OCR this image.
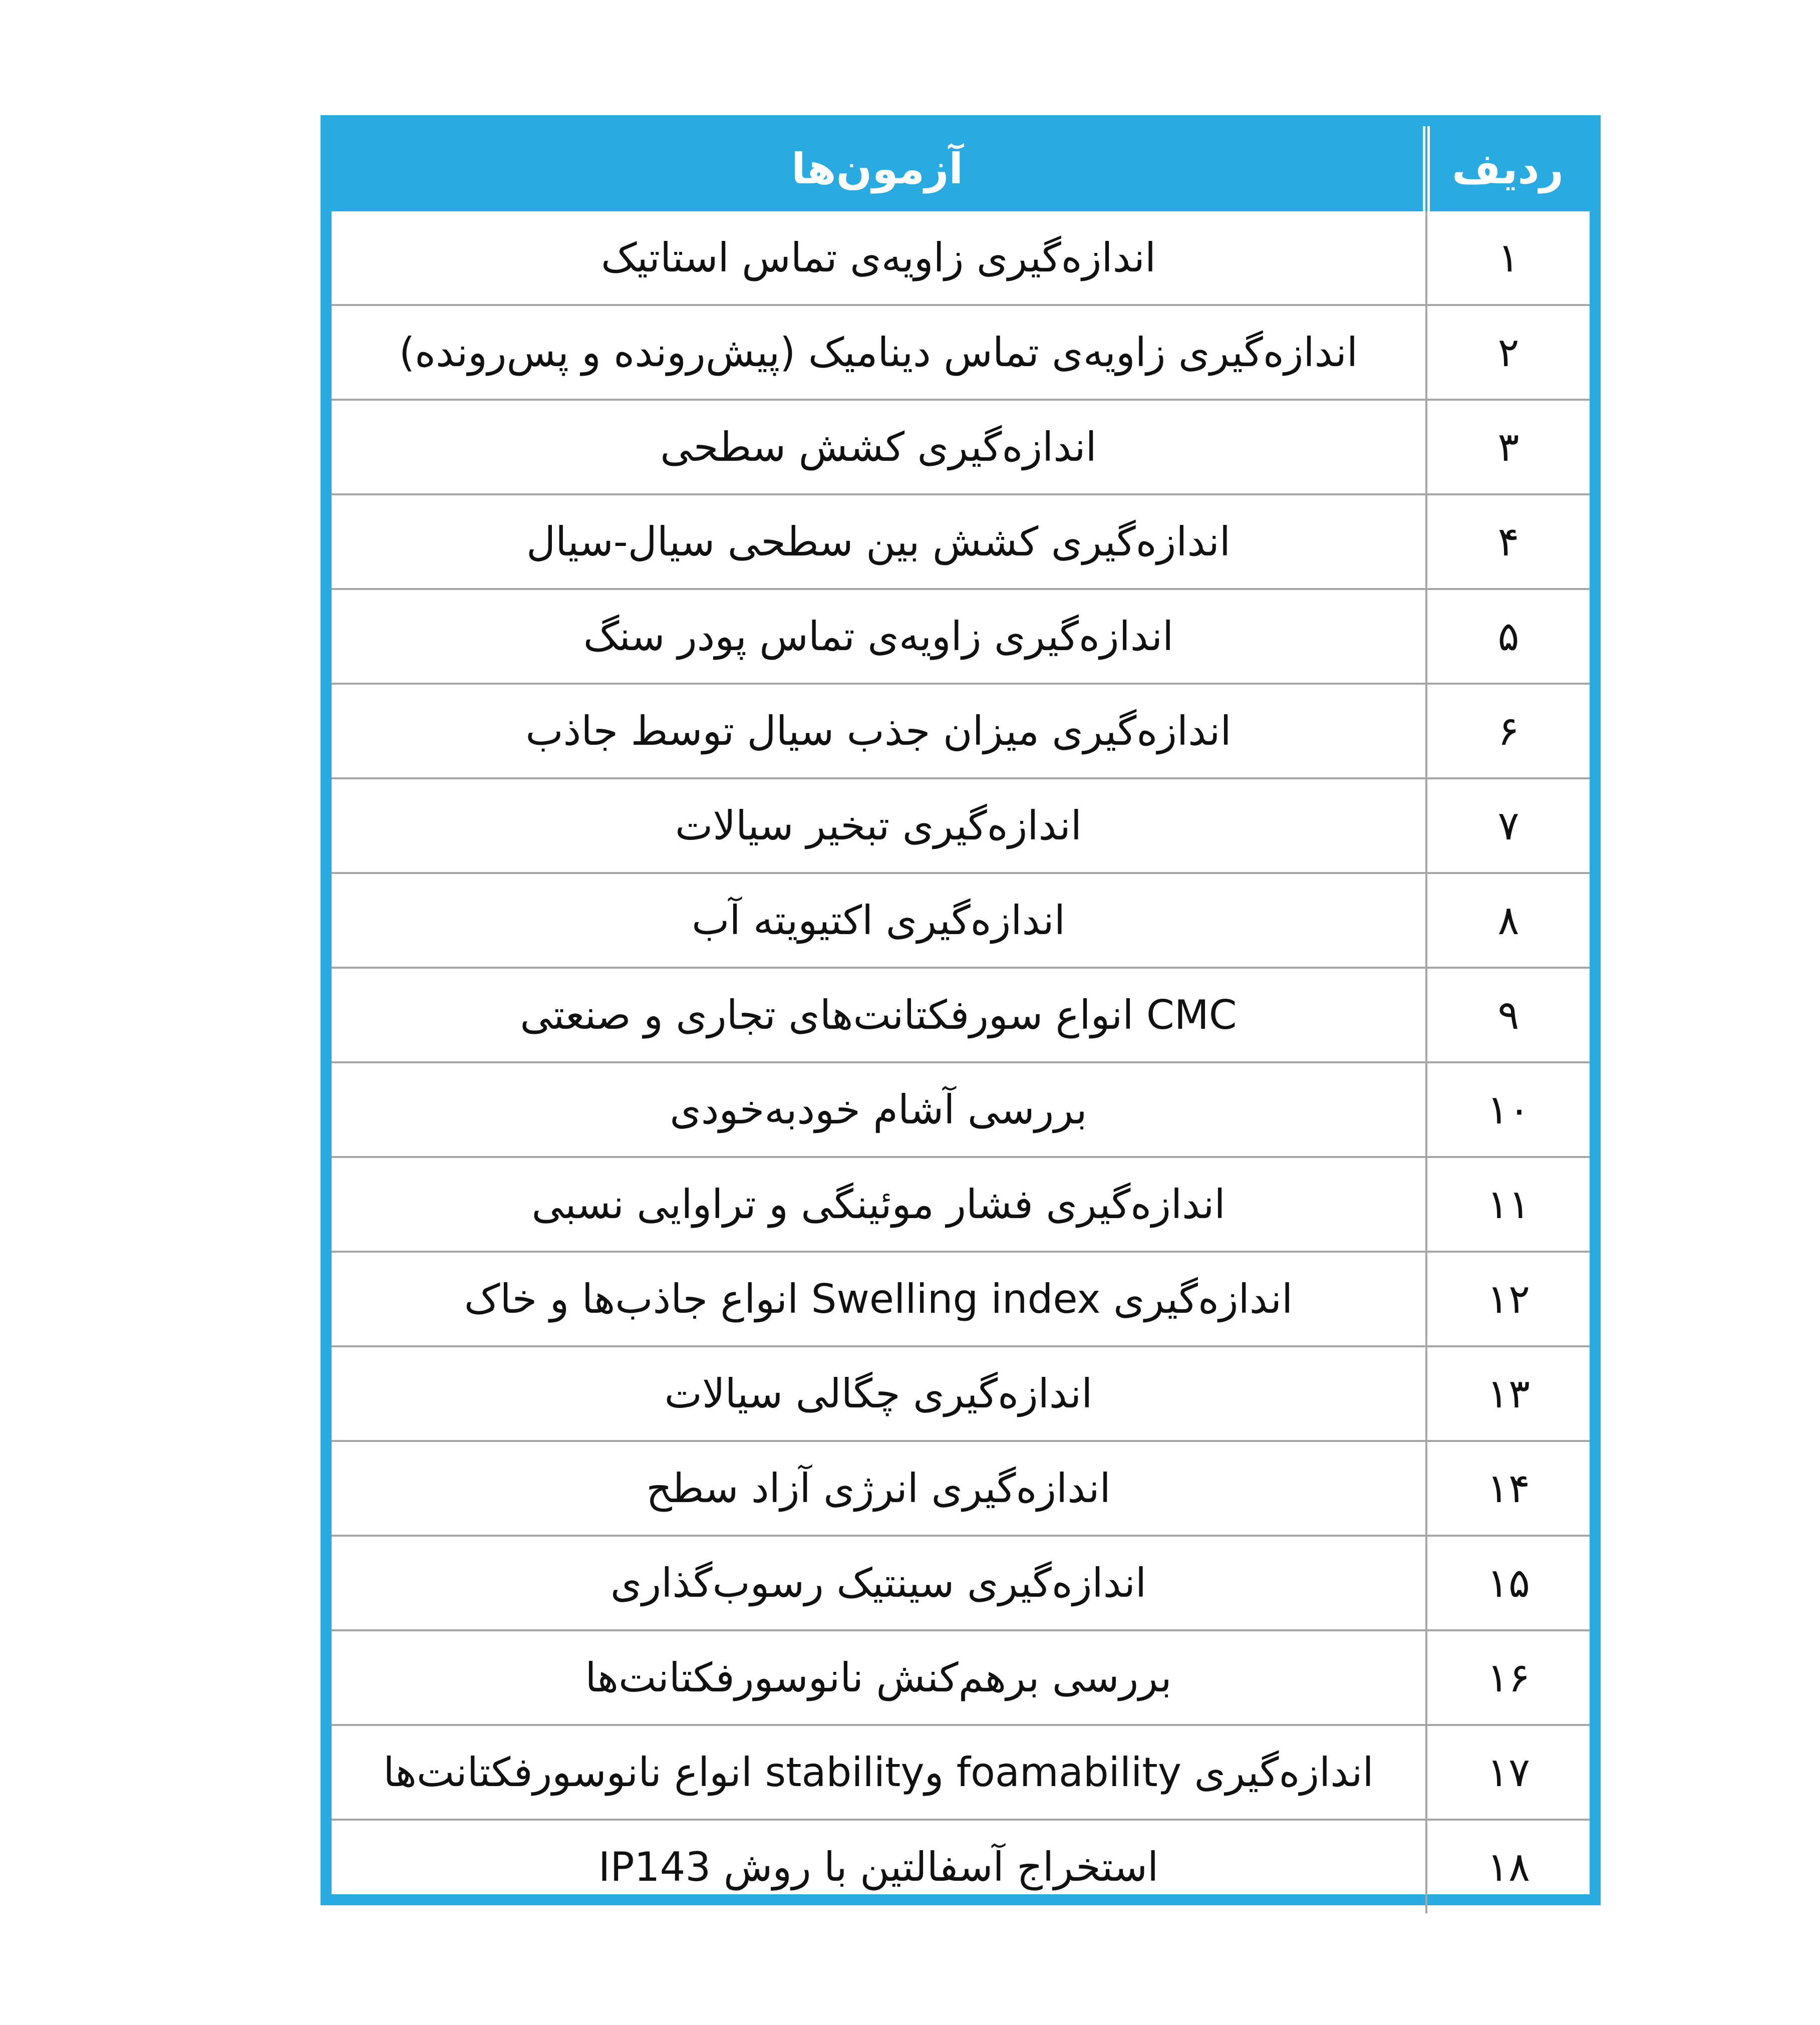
ردیف	آزمون‌ها
۱	اندازه‌گیری زاویه‌ی تماس استاتیک
۲	اندازه‌گیری زاویه‌ی تماس دینامیک (پیش‌رونده و پس‌رونده)
۳	اندازه‌گیری کشش سطحی
۴	اندازه‌گیری کشش بین سطحی سیال-سیال
۵	اندازه‌گیری زاویه‌ی تماس پودر سنگ
۶	اندازه‌گیری میزان جذب سیال توسط جاذب
۷	اندازه‌گیری تبخیر سیالات
۸	اندازه‌گیری اکتیویته آب
۹	CMC انواع سورفکتانت‌های تجاری و صنعتی
۱۰	بررسی آشام خودبه‌خودی
۱۱	اندازه‌گیری فشار موئینگی و تراوایی نسبی
۱۲	اندازه‌گیری Swelling index انواع جاذب‌ها و خاک
۱۳	اندازه‌گیری چگالی سیالات
۱۴	اندازه‌گیری انرژی آزاد سطح
۱۵	اندازه‌گیری سینتیک رسوب‌گذاری
۱۶	بررسی برهم‌کنش نانوسورفکتانت‌ها
۱۷	اندازه‌گیری foamability وstability انواع نانوسورفکتانت‌ها
۱۸	استخراج آسفالتین با روش IP143
